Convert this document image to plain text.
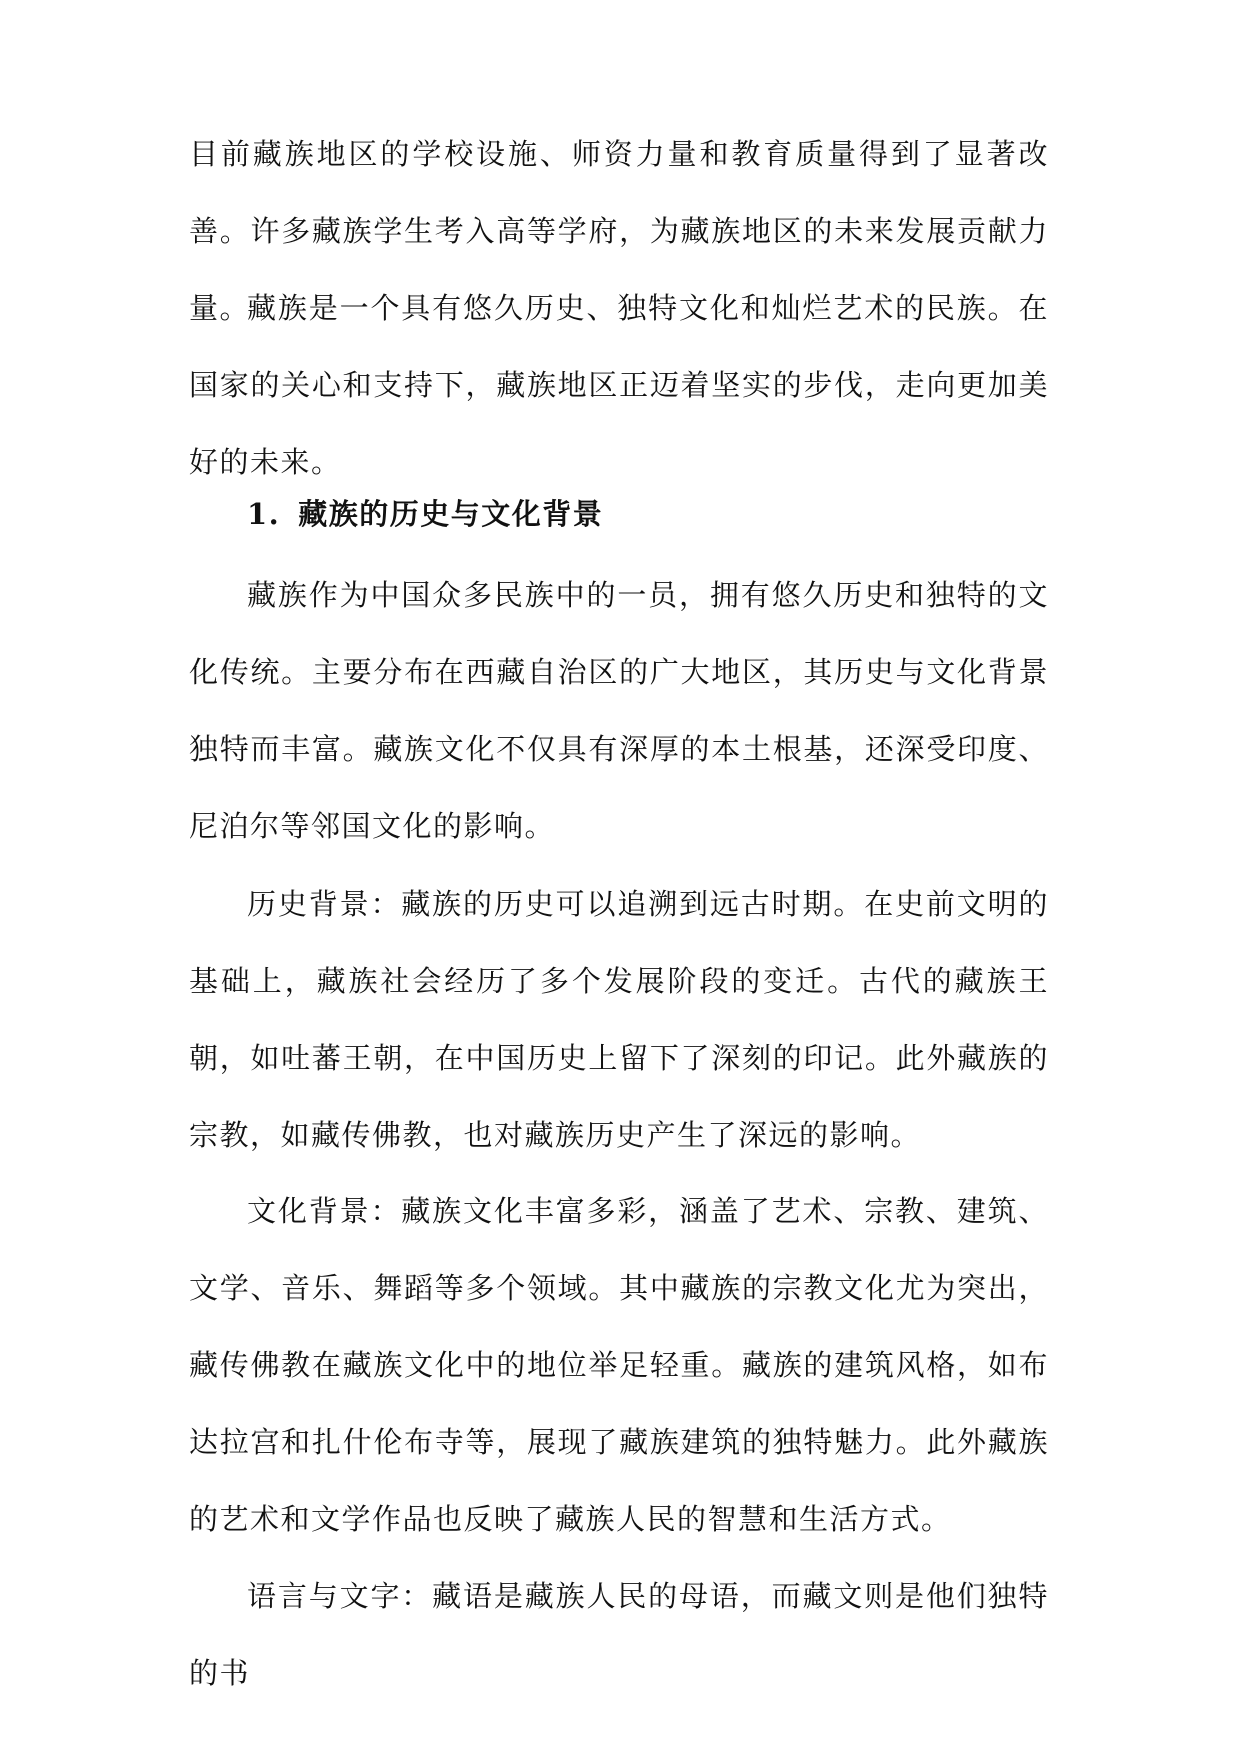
目前藏族地区的学校设施、师资力量和教育质量得到了显著改善。许多藏族学生考入高等学府，为藏族地区的未来发展贡献力量。

藏族是一个具有悠久历史、独特文化和灿烂艺术的民族。在国家的关心和支持下，藏族地区正迈着坚实的步伐，走向更加美好的未来。

1. 藏族的历史与文化背景

藏族作为中国众多民族中的一员，拥有悠久历史和独特的文化传统。主要分布在西藏自治区的广大地区，其历史与文化背景独特而丰富。藏族文化不仅具有深厚的本土根基，还深受印度、尼泊尔等邻国文化的影响。

历史背景：藏族的历史可以追溯到远古时期。在史前文明的基础上，藏族社会经历了多个发展阶段的变迁。古代的藏族王朝，如吐蕃王朝，在中国历史上留下了深刻的印记。此外藏族的宗教，如藏传佛教，也对藏族历史产生了深远的影响。

文化背景：藏族文化丰富多彩，涵盖了艺术、宗教、建筑、文学、音乐、舞蹈等多个领域。其中藏族的宗教文化尤为突出，藏传佛教在藏族文化中的地位举足轻重。藏族的建筑风格，如布达拉宫和扎什伦布寺等，展现了藏族建筑的独特魅力。此外藏族的艺术和文学作品也反映了藏族人民的智慧和生活方式。

语言与文字：藏语是藏族人民的母语，而藏文则是他们独特的书
